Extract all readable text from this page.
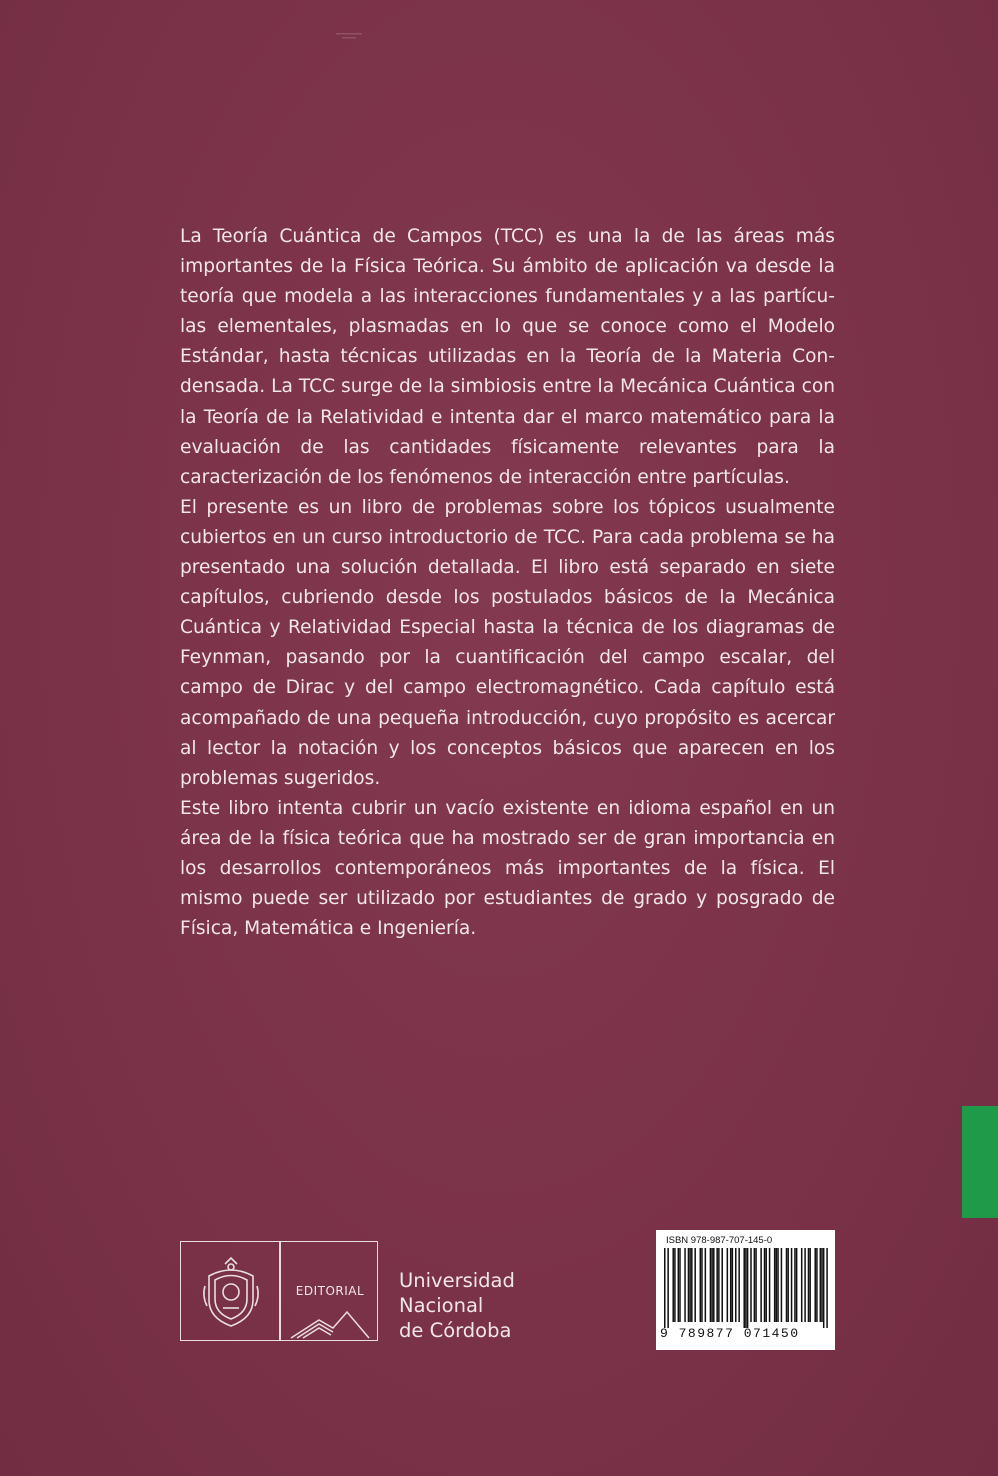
La Teoría Cuántica de Campos (TCC) es una la de las áreas más importantes de la Física Teórica. Su ámbito de aplicación va desde la teoría que modela a las interacciones fundamentales y a las partícu-las elementales, plasmadas en lo que se conoce como el Modelo Estándar, hasta técnicas utilizadas en la Teoría de la Materia Con-densada. La TCC surge de la simbiosis entre la Mecánica Cuántica con la Teoría de la Relatividad e intenta dar el marco matemático para la evaluación de las cantidades físicamente relevantes para la caracterización de los fenómenos de interacción entre partículas.

El presente es un libro de problemas sobre los tópicos usualmente cubiertos en un curso introductorio de TCC. Para cada problema se ha presentado una solución detallada. El libro está separado en siete capítulos, cubriendo desde los postulados básicos de la Mecánica Cuántica y Relatividad Especial hasta la técnica de los diagramas de Feynman, pasando por la cuantificación del campo escalar, del campo de Dirac y del campo electromagnético. Cada capítulo está acompañado de una pequeña introducción, cuyo propósito es acercar al lector la notación y los conceptos básicos que aparecen en los problemas sugeridos.

Este libro intenta cubrir un vacío existente en idioma español en un área de la física teórica que ha mostrado ser de gran importancia en los desarrollos contemporáneos más importantes de la física. El mismo puede ser utilizado por estudiantes de grado y posgrado de Física, Matemática e Ingeniería.

EDITORIAL	Universidad
Nacional
de Córdoba
ISBN 978-987-707-145-0
9 789877 071450
